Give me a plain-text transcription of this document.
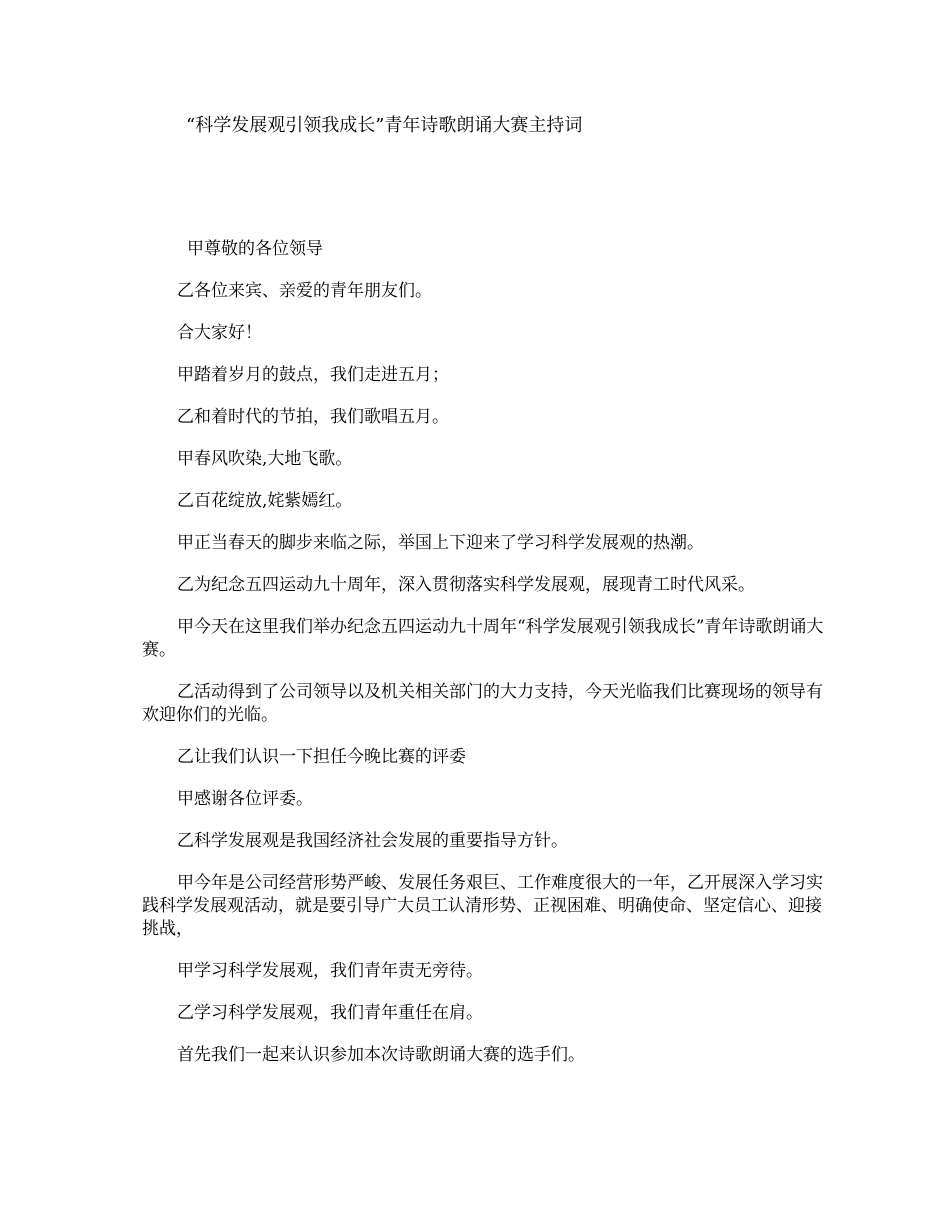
“科学发展观引领我成长”青年诗歌朗诵大赛主持词

甲尊敬的各位领导

乙各位来宾、亲爱的青年朋友们。

合大家好！

甲踏着岁月的鼓点，我们走进五月；

乙和着时代的节拍，我们歌唱五月。

甲春风吹染,大地飞歌。

乙百花绽放,姹紫嫣红。

甲正当春天的脚步来临之际，举国上下迎来了学习科学发展观的热潮。

乙为纪念五四运动九十周年，深入贯彻落实科学发展观，展现青工时代风采。

甲今天在这里我们举办纪念五四运动九十周年“科学发展观引领我成长”青年诗歌朗诵大赛。

乙活动得到了公司领导以及机关相关部门的大力支持，今天光临我们比赛现场的领导有欢迎你们的光临。

乙让我们认识一下担任今晚比赛的评委

甲感谢各位评委。

乙科学发展观是我国经济社会发展的重要指导方针。

甲今年是公司经营形势严峻、发展任务艰巨、工作难度很大的一年，乙开展深入学习实践科学发展观活动，就是要引导广大员工认清形势、正视困难、明确使命、坚定信心、迎接挑战，

甲学习科学发展观，我们青年责无旁待。

乙学习科学发展观，我们青年重任在肩。

首先我们一起来认识参加本次诗歌朗诵大赛的选手们。
